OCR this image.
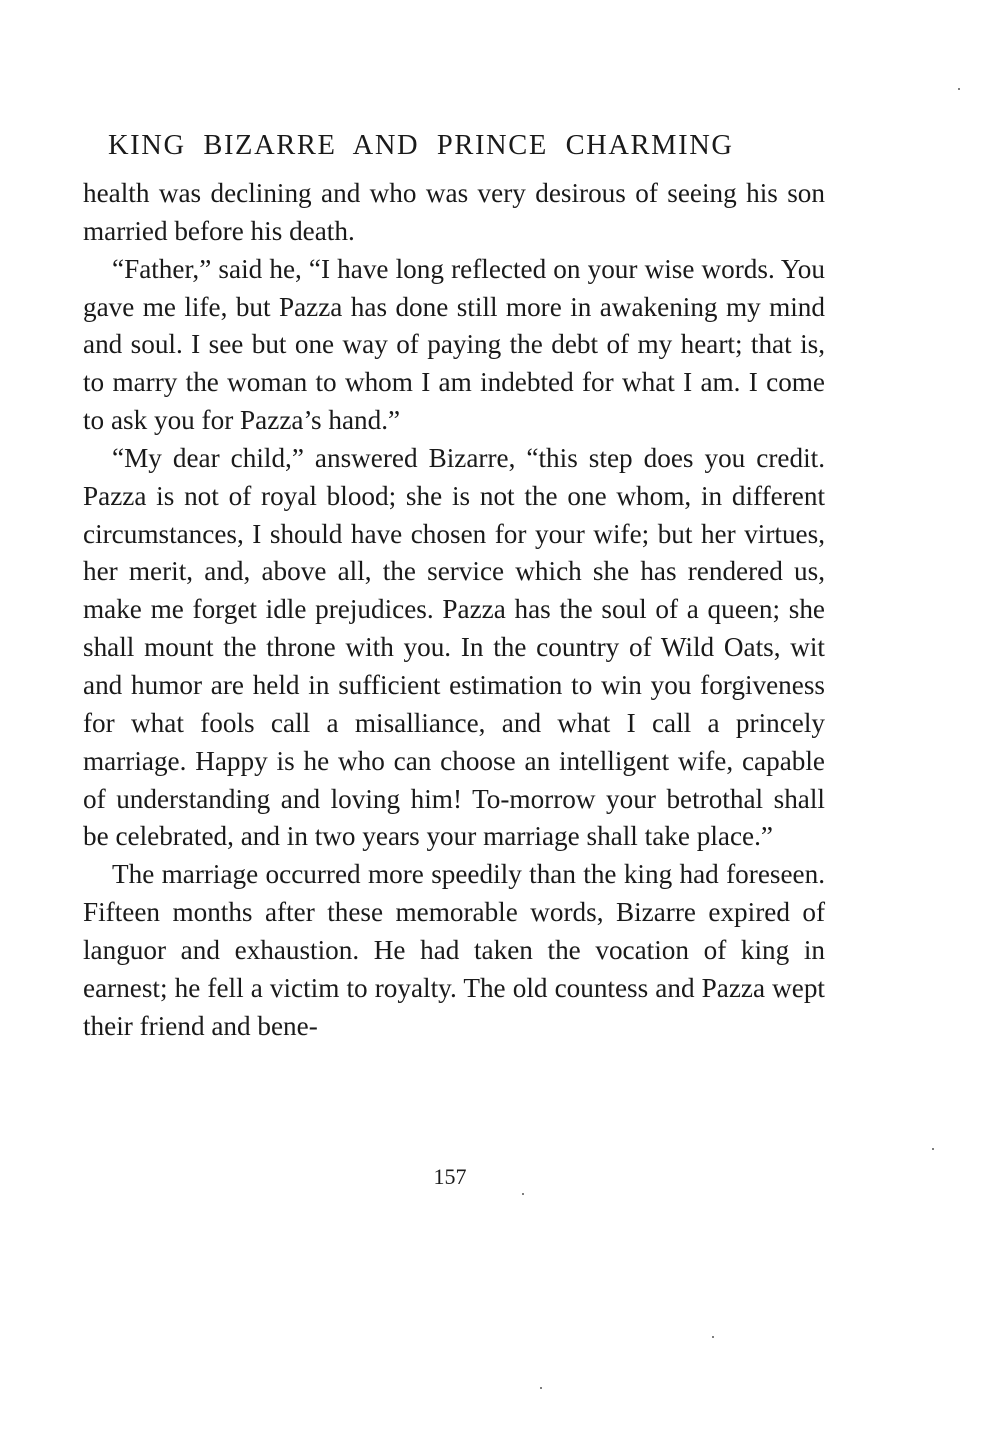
KING BIZARRE AND PRINCE CHARMING

health was declining and who was very desirous of seeing his son married before his death.

“Father,” said he, “I have long reflected on your wise words. You gave me life, but Pazza has done still more in awakening my mind and soul. I see but one way of paying the debt of my heart; that is, to marry the woman to whom I am indebted for what I am. I come to ask you for Pazza’s hand.”

“My dear child,” answered Bizarre, “this step does you credit. Pazza is not of royal blood; she is not the one whom, in different circumstances, I should have chosen for your wife; but her virtues, her merit, and, above all, the service which she has rendered us, make me forget idle prejudices. Pazza has the soul of a queen; she shall mount the throne with you. In the country of Wild Oats, wit and humor are held in sufficient estimation to win you forgiveness for what fools call a misalliance, and what I call a princely marriage. Happy is he who can choose an intelligent wife, capable of understanding and loving him! To-morrow your betrothal shall be celebrated, and in two years your marriage shall take place.”

The marriage occurred more speedily than the king had foreseen. Fifteen months after these memorable words, Bizarre expired of languor and exhaustion. He had taken the vocation of king in earnest; he fell a victim to royalty. The old countess and Pazza wept their friend and bene-

157
